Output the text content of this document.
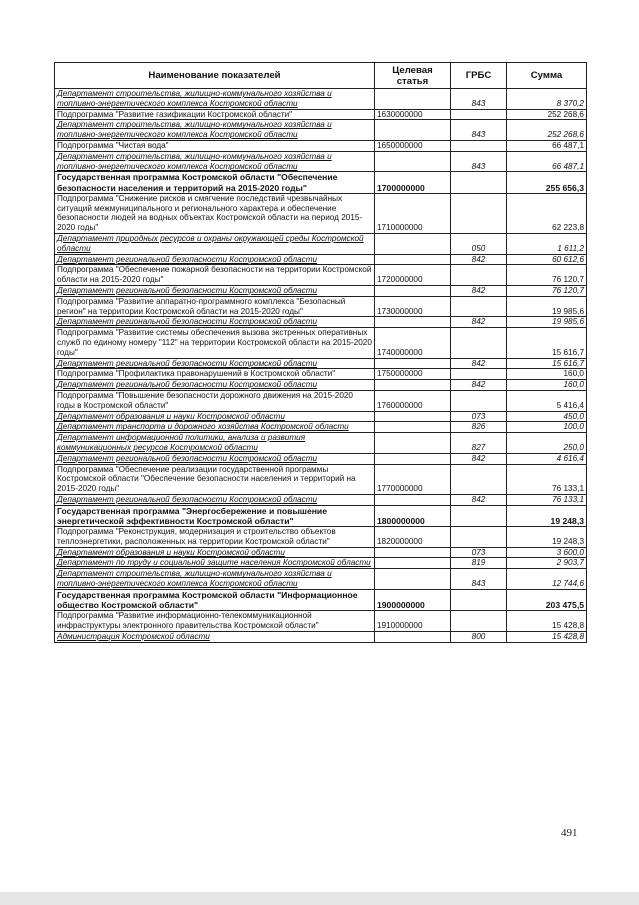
Наименование показателей	Целевая статья	ГРБС	Сумма
Департамент строительства, жилищно-коммунального хозяйства и топливно-энергетического комплекса Костромской области		843	8 370,2
Подпрограмма "Развитие газификации Костромской области"	1630000000		252 268,6
Департамент строительства, жилищно-коммунального хозяйства и топливно-энергетического комплекса Костромской области		843	252 268,6
Подпрограмма "Чистая вода"	1650000000		66 487,1
Департамент строительства, жилищно-коммунального хозяйства и топливно-энергетического комплекса Костромской области		843	66 487,1
Государственная программа Костромской области "Обеспечение безопасности населения и территорий на 2015-2020 годы"	1700000000		255 656,3
Подпрограмма "Снижение рисков и смягчение последствий чрезвычайных ситуаций межмуниципального и регионального характера и обеспечение безопасности людей на водных объектах Костромской области на период 2015-2020 годы"	1710000000		62 223,8
Департамент природных ресурсов и охраны окружающей среды Костромской области		050	1 611,2
Департамент региональной безопасности Костромской области		842	60 612,6
Подпрограмма "Обеспечение пожарной безопасности на территории Костромской области на 2015-2020 годы"	1720000000		76 120,7
Департамент региональной безопасности Костромской области		842	76 120,7
Подпрограмма "Развитие аппаратно-программного комплекса "Безопасный регион" на территории Костромской области на 2015-2020 годы"	1730000000		19 985,6
Департамент региональной безопасности Костромской области		842	19 985,6
Подпрограмма "Развитие системы обеспечения вызова экстренных оперативных служб по единому номеру "112" на территории Костромской области на 2015-2020 годы"	1740000000		15 616,7
Департамент региональной безопасности Костромской области		842	15 616,7
Подпрограмма "Профилактика правонарушений в Костромской области"	1750000000		160,0
Департамент региональной безопасности Костромской области		842	160,0
Подпрограмма "Повышение безопасности дорожного движения на 2015-2020 годы в Костромской области"	1760000000		5 416,4
Департамент образования и науки Костромской области		073	450,0
Департамент транспорта и дорожного хозяйства Костромской области		826	100,0
Департамент информационной политики, анализа и развития коммуникационных ресурсов Костромской области		827	250,0
Департамент региональной безопасности Костромской области		842	4 616,4
Подпрограмма "Обеспечение реализации государственной программы Костромской области "Обеспечение безопасности населения и территорий на 2015-2020 годы"	1770000000		76 133,1
Департамент региональной безопасности Костромской области		842	76 133,1
Государственная программа "Энергосбережение и повышение энергетической эффективности Костромской области"	1800000000		19 248,3
Подпрограмма "Реконструкция, модернизация и строительство объектов теплоэнергетики, расположенных на территории Костромской области"	1820000000		19 248,3
Департамент образования и науки Костромской области		073	3 600,0
Департамент по труду и социальной защите населения Костромской области		819	2 903,7
Департамент строительства, жилищно-коммунального хозяйства и топливно-энергетического комплекса Костромской области		843	12 744,6
Государственная программа Костромской области "Информационное общество Костромской области"	1900000000		203 475,5
Подпрограмма "Развитие информационно-телекоммуникационной инфраструктуры электронного правительства Костромской области"	1910000000		15 428,8
Администрация Костромской области		800	15 428,8
491
